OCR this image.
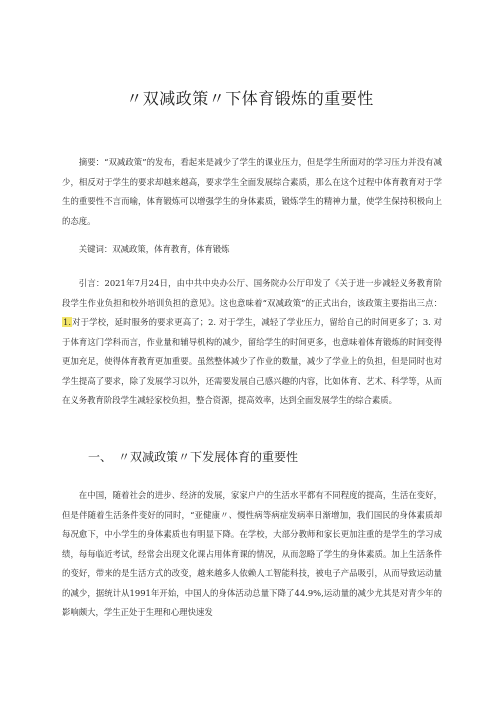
〃双减政策〃下体育锻炼的重要性

摘要：“双减政策”的发布，看起来是减少了学生的课业压力，但是学生所面对的学习压力并没有减少，相反对于学生的要求却越来越高，要求学生全面发展综合素质，那么在这个过程中体育教育对于学生的重要性不言而喻，体育锻炼可以增强学生的身体素质，锻炼学生的精神力量，使学生保持积极向上的态度。

关键词：双减政策，体育教育，体育锻炼

引言：2021年7月24日，由中共中央办公厅、国务院办公厅印发了《关于进一步减轻义务教育阶段学生作业负担和校外培训负担的意见》。这也意味着“双减政策”的正式出台，该政策主要指出三点：1.对于学校，延时服务的要求更高了；2. 对于学生，减轻了学业压力，留给自己的时间更多了；3. 对于体育这门学科而言，作业量和辅导机构的减少，留给学生的时间更多，也意味着体育锻炼的时间变得更加充足，使得体育教育更加重要。虽然整体减少了作业的数量，减少了学业上的负担，但是同时也对学生提高了要求，除了发展学习以外，还需要发展自己感兴趣的内容，比如体育、艺术、科学等，从而在义务教育阶段学生减轻家校负担，整合资源，提高效率，达到全面发展学生的综合素质。

一、 〃双减政策〃下发展体育的重要性

在中国，随着社会的进步、经济的发展，家家户户的生活水平都有不同程度的提高，生活在变好，但是伴随着生活条件变好的同时，“亚健康〃、慢性病等病症发病率日渐增加，我们国民的身体素质却每况愈下，中小学生的身体素质也有明显下降。在学校，大部分教师和家长更加注重的是学生的学习成绩，每每临近考试，经常会出现文化课占用体育课的情况，从而忽略了学生的身体素质。加上生活条件的变好，带来的是生活方式的改变，越来越多人依赖人工智能科技，被电子产品吸引，从而导致运动量的减少，据统计从1991年开始，中国人的身体活动总量下降了44.9%,运动量的减少尤其是对青少年的影响颇大，学生正处于生理和心理快速发
